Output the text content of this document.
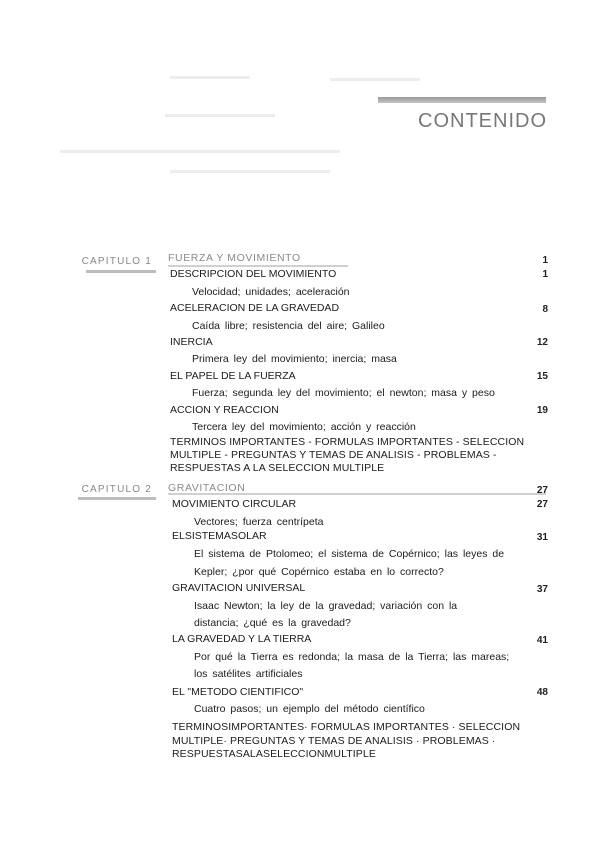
CONTENIDO
CAPITULO 1 FUERZA Y MOVIMIENTO	1
DESCRIPCION DEL MOVIMIENTO	1
Velocidad; unidades; aceleración
ACELERACION DE LA GRAVEDAD	8
Caída libre; resistencia del aire; Galileo
INERCIA	12
Primera ley del movimiento; inercia; masa
EL PAPEL DE LA FUERZA	15
Fuerza; segunda ley del movimiento; el newton; masa y peso
ACCION Y REACCION	19
Tercera ley del movimiento; acción y reacción
TERMINOS IMPORTANTES - FORMULAS IMPORTANTES - SELECCION
MULTIPLE - PREGUNTAS Y TEMAS DE ANALISIS - PROBLEMAS -
RESPUESTAS A LA SELECCION MULTIPLE
CAPITULO 2 GRAVITACION	27
MOVIMIENTO CIRCULAR	27
Vectores; fuerza centrípeta
ELSISTEMASOLAR	31
El sistema de Ptolomeo; el sistema de Copérnico; las leyes de
Kepler; ¿por qué Copérnico estaba en lo correcto?
GRAVITACION UNIVERSAL	37
Isaac Newton; la ley de la gravedad; variación con la
distancia; ¿qué es la gravedad?
LA GRAVEDAD Y LA TIERRA	41
Por qué la Tierra es redonda; la masa de la Tierra; las mareas;
los satélites artificiales
EL "METODO CIENTIFICO"	48
Cuatro pasos; un ejemplo del método científico
TERMINOSIMPORTANTES· FORMULAS IMPORTANTES · SELECCION
MULTIPLE· PREGUNTAS Y TEMAS DE ANALISIS · PROBLEMAS ·
RESPUESTASALASELECCIONMULTIPLE
